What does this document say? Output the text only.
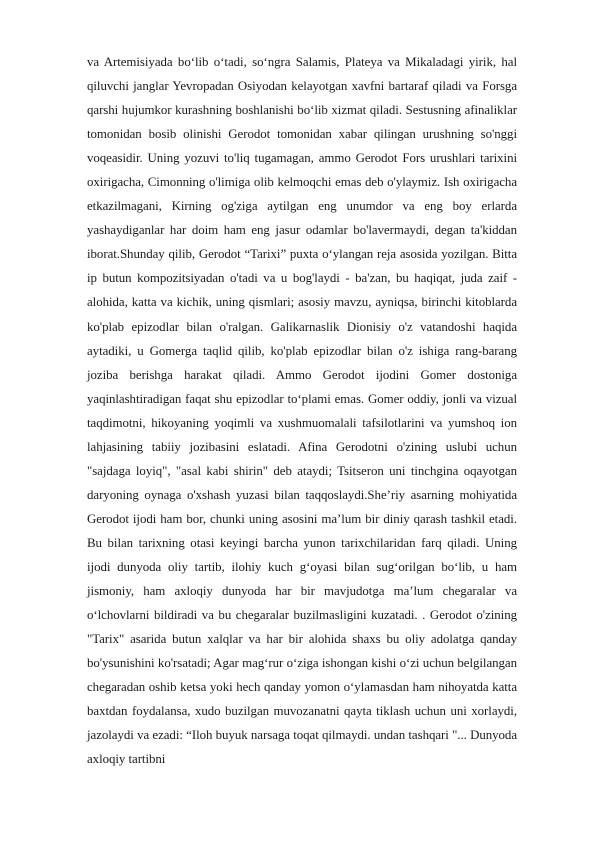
va Artemisiyada bo‘lib o‘tadi, so‘ngra Salamis, Plateya va Mikaladagi yirik, hal qiluvchi janglar Yevropadan Osiyodan kelayotgan xavfni bartaraf qiladi va Forsga qarshi hujumkor kurashning boshlanishi bo‘lib xizmat qiladi. Sestusning afinaliklar tomonidan bosib olinishi Gerodot tomonidan xabar qilingan urushning so'nggi voqeasidir. Uning yozuvi to'liq tugamagan, ammo Gerodot Fors urushlari tarixini oxirigacha, Cimonning o'limiga olib kelmoqchi emas deb o'ylaymiz. Ish oxirigacha etkazilmagani, Kirning og'ziga aytilgan eng unumdor va eng boy erlarda yashaydiganlar har doim ham eng jasur odamlar bo'lavermaydi, degan ta'kiddan iborat.Shunday qilib, Gerodot “Tarixi” puxta o‘ylangan reja asosida yozilgan. Bitta ip butun kompozitsiyadan o'tadi va u bog'laydi - ba'zan, bu haqiqat, juda zaif - alohida, katta va kichik, uning qismlari; asosiy mavzu, ayniqsa, birinchi kitoblarda ko'plab epizodlar bilan o'ralgan. Galikarnaslik Dionisiy o'z vatandoshi haqida aytadiki, u Gomerga taqlid qilib, ko'plab epizodlar bilan o'z ishiga rang-barang joziba berishga harakat qiladi. Ammo Gerodot ijodini Gomer dostoniga yaqinlashtiradigan faqat shu epizodlar to‘plami emas. Gomer oddiy, jonli va vizual taqdimotni, hikoyaning yoqimli va xushmuomalali tafsilotlarini va yumshoq ion lahjasining tabiiy jozibasini eslatadi. Afina Gerodotni o'zining uslubi uchun "sajdaga loyiq", "asal kabi shirin" deb ataydi; Tsitseron uni tinchgina oqayotgan daryoning oynaga o'xshash yuzasi bilan taqqoslaydi.She’riy asarning mohiyatida Gerodot ijodi ham bor, chunki uning asosini ma’lum bir diniy qarash tashkil etadi. Bu bilan tarixning otasi keyingi barcha yunon tarixchilaridan farq qiladi. Uning ijodi dunyoda oliy tartib, ilohiy kuch g‘oyasi bilan sug‘orilgan bo‘lib, u ham jismoniy, ham axloqiy dunyoda har bir mavjudotga ma’lum chegaralar va o‘lchovlarni bildiradi va bu chegaralar buzilmasligini kuzatadi. . Gerodot o'zining "Tarix" asarida butun xalqlar va har bir alohida shaxs bu oliy adolatga qanday bo'ysunishini ko'rsatadi; Agar mag‘rur o‘ziga ishongan kishi o‘zi uchun belgilangan chegaradan oshib ketsa yoki hech qanday yomon o‘ylamasdan ham nihoyatda katta baxtdan foydalansa, xudo buzilgan muvozanatni qayta tiklash uchun uni xorlaydi, jazolaydi va ezadi: “Iloh buyuk narsaga toqat qilmaydi. undan tashqari "... Dunyoda axloqiy tartibni
